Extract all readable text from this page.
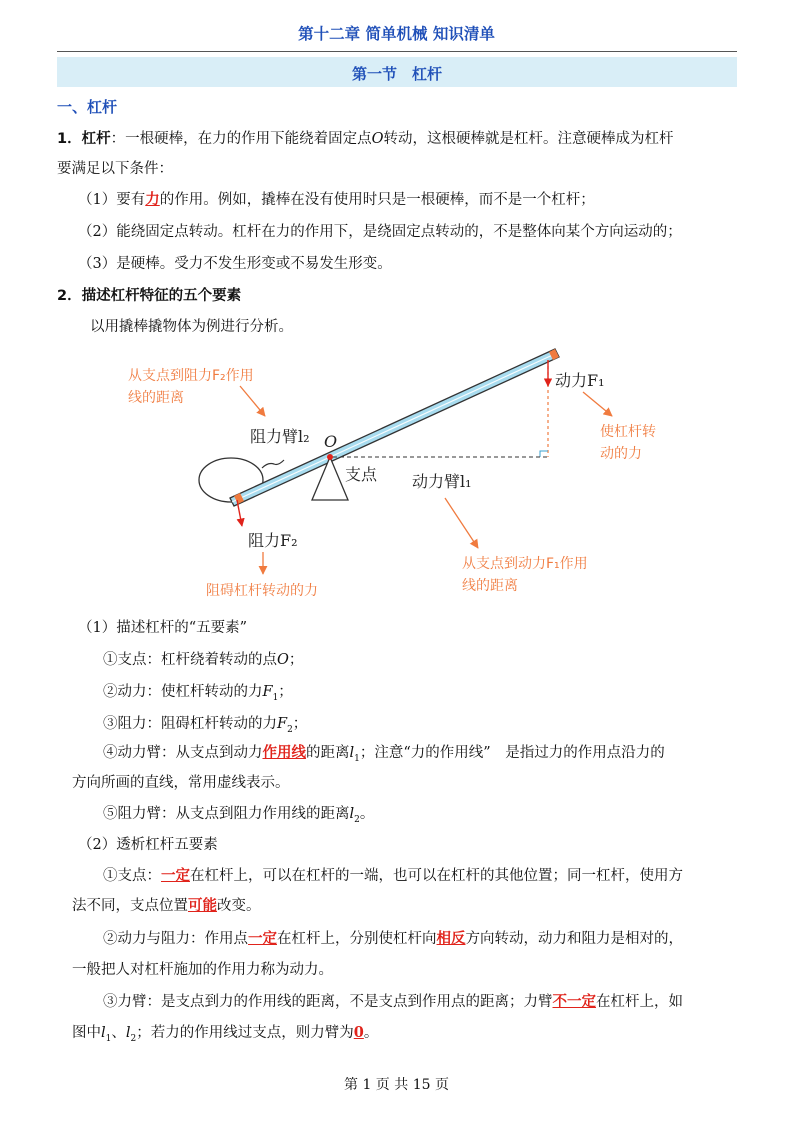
第十二章 简单机械 知识清单
第一节　杠杆
一、杠杆
1．杠杆：一根硬棒，在力的作用下能绕着固定点O转动，这根硬棒就是杠杆。注意硬棒成为杠杆
要满足以下条件：
（1）要有力的作用。例如，撬棒在没有使用时只是一根硬棒，而不是一个杠杆；
（2）能绕固定点转动。杠杆在力的作用下，是绕固定点转动的，不是整体向某个方向运动的；
（3）是硬棒。受力不发生形变或不易发生形变。
2．描述杠杆特征的五个要素
以用撬棒撬物体为例进行分析。
动力F₁
阻力F₂
动力臂l₁
阻力臂l₂ O
支点
从支点到阻力F₂作用
线的距离
使杠杆转
动的力
从支点到动力F₁作用
线的距离
阻碍杠杆转动的力
（1）描述杠杆的“五要素”
①支点：杠杆绕着转动的点O；
②动力：使杠杆转动的力$F_1$；
③阻力：阻碍杠杆转动的力$F_2$；
④动力臂：从支点到动力作用线的距离$l_1$；注意“力的作用线”　是指过力的作用点沿力的
方向所画的直线，常用虚线表示。
⑤阻力臂：从支点到阻力作用线的距离$l_2$。
（2）透析杠杆五要素
①支点：一定在杠杆上，可以在杠杆的一端，也可以在杠杆的其他位置；同一杠杆，使用方
法不同，支点位置可能改变。
②动力与阻力：作用点一定在杠杆上，分别使杠杆向相反方向转动，动力和阻力是相对的，
一般把人对杠杆施加的作用力称为动力。
③力臂：是支点到力的作用线的距离，不是支点到作用点的距离；力臂不一定在杠杆上，如
图中$l_1$、$l_2$；若力的作用线过支点，则力臂为0。
第 1 页 共 15 页
